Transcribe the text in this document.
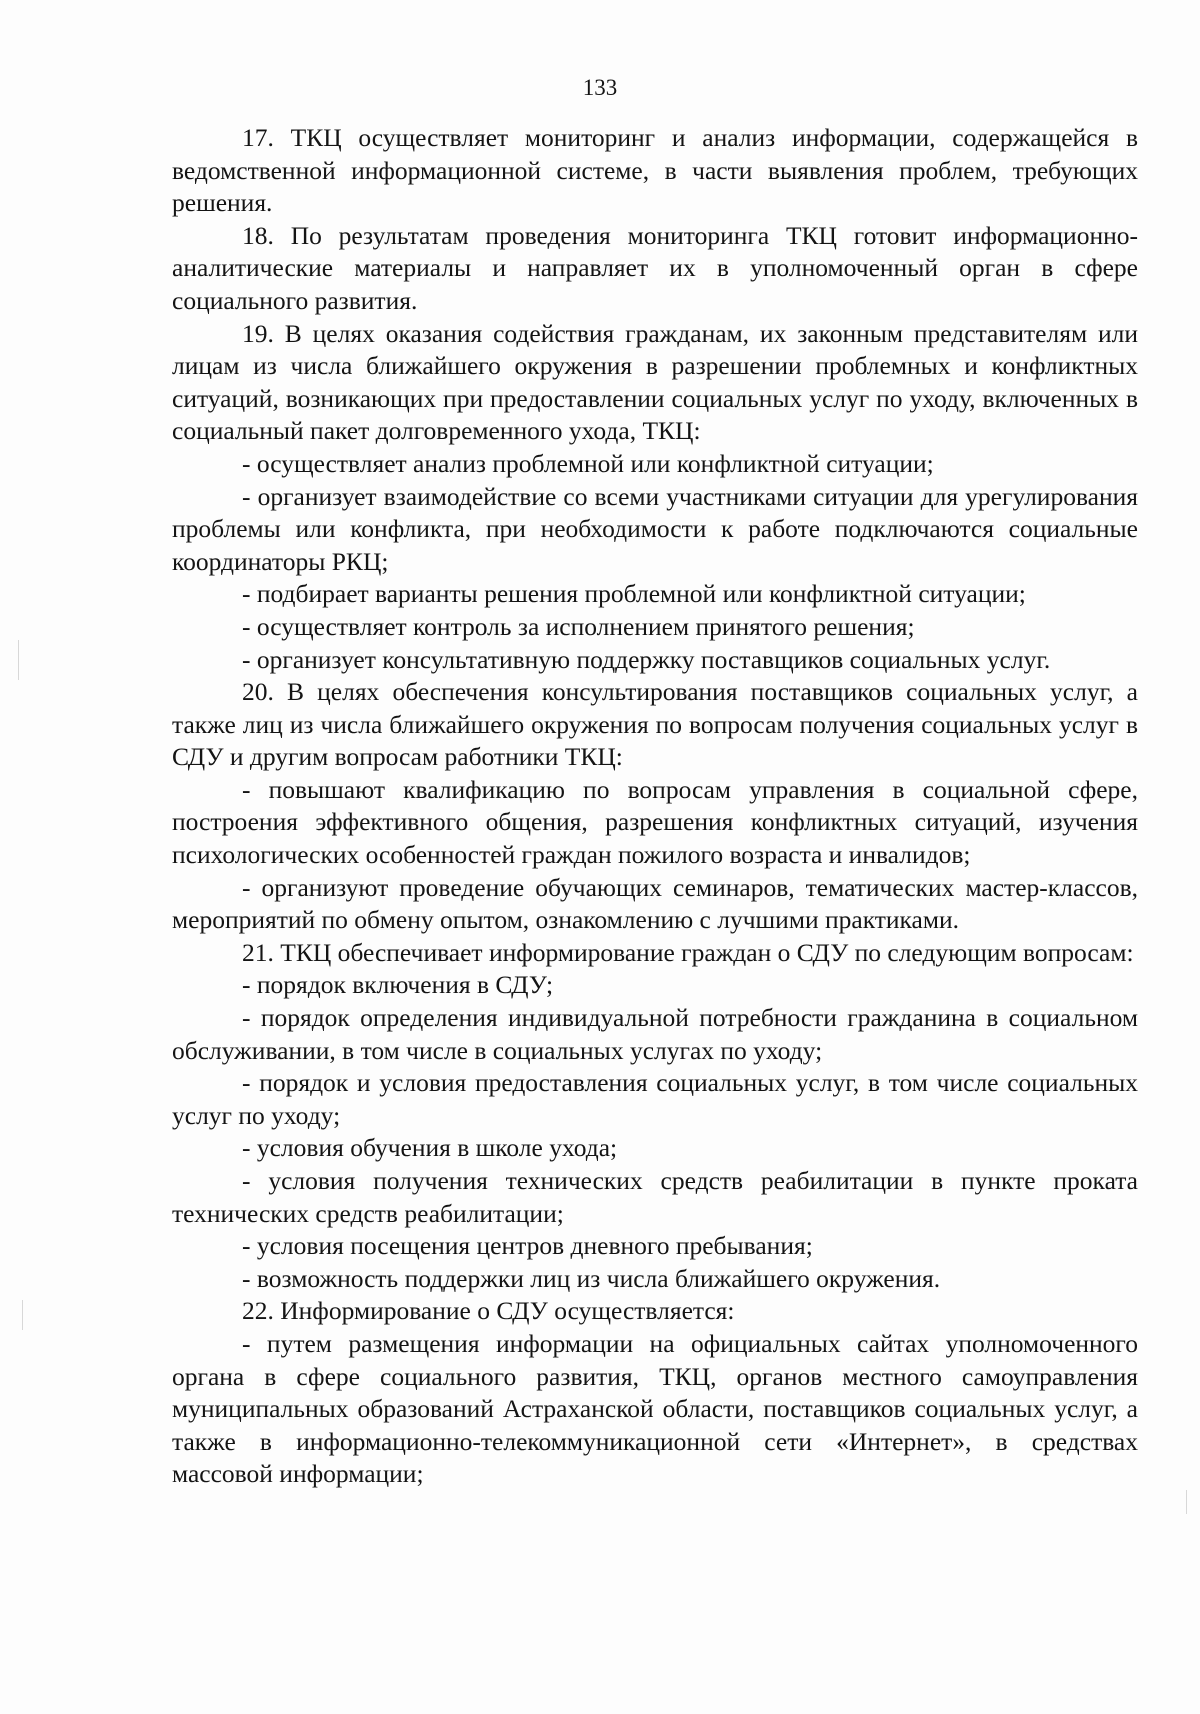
133

17. ТКЦ осуществляет мониторинг и анализ информации, содержащейся в ведомственной информационной системе, в части выявления проблем, требующих решения.

18. По результатам проведения мониторинга ТКЦ готовит информационно-аналитические материалы и направляет их в уполномоченный орган в сфере социального развития.

19. В целях оказания содействия гражданам, их законным представителям или лицам из числа ближайшего окружения в разрешении проблемных и конфликтных ситуаций, возникающих при предоставлении социальных услуг по уходу, включенных в социальный пакет долговременного ухода, ТКЦ:

- осуществляет анализ проблемной или конфликтной ситуации;

- организует взаимодействие со всеми участниками ситуации для урегулирования проблемы или конфликта, при необходимости к работе подключаются социальные координаторы РКЦ;

- подбирает варианты решения проблемной или конфликтной ситуации;

- осуществляет контроль за исполнением принятого решения;

- организует консультативную поддержку поставщиков социальных услуг.

20. В целях обеспечения консультирования поставщиков социальных услуг, а также лиц из числа ближайшего окружения по вопросам получения социальных услуг в СДУ и другим вопросам работники ТКЦ:

- повышают квалификацию по вопросам управления в социальной сфере, построения эффективного общения, разрешения конфликтных ситуаций, изучения психологических особенностей граждан пожилого возраста и инвалидов;

- организуют проведение обучающих семинаров, тематических мастер-классов, мероприятий по обмену опытом, ознакомлению с лучшими практиками.

21. ТКЦ обеспечивает информирование граждан о СДУ по следующим вопросам:

- порядок включения в СДУ;

- порядок определения индивидуальной потребности гражданина в социальном обслуживании, в том числе в социальных услугах по уходу;

- порядок и условия предоставления социальных услуг, в том числе социальных услуг по уходу;

- условия обучения в школе ухода;

- условия получения технических средств реабилитации в пункте проката технических средств реабилитации;

- условия посещения центров дневного пребывания;

- возможность поддержки лиц из числа ближайшего окружения.

22. Информирование о СДУ осуществляется:

- путем размещения информации на официальных сайтах уполномоченного органа в сфере социального развития, ТКЦ, органов местного самоуправления муниципальных образований Астраханской области, поставщиков социальных услуг, а также в информационно-телекоммуникационной сети «Интернет», в средствах массовой информации;
